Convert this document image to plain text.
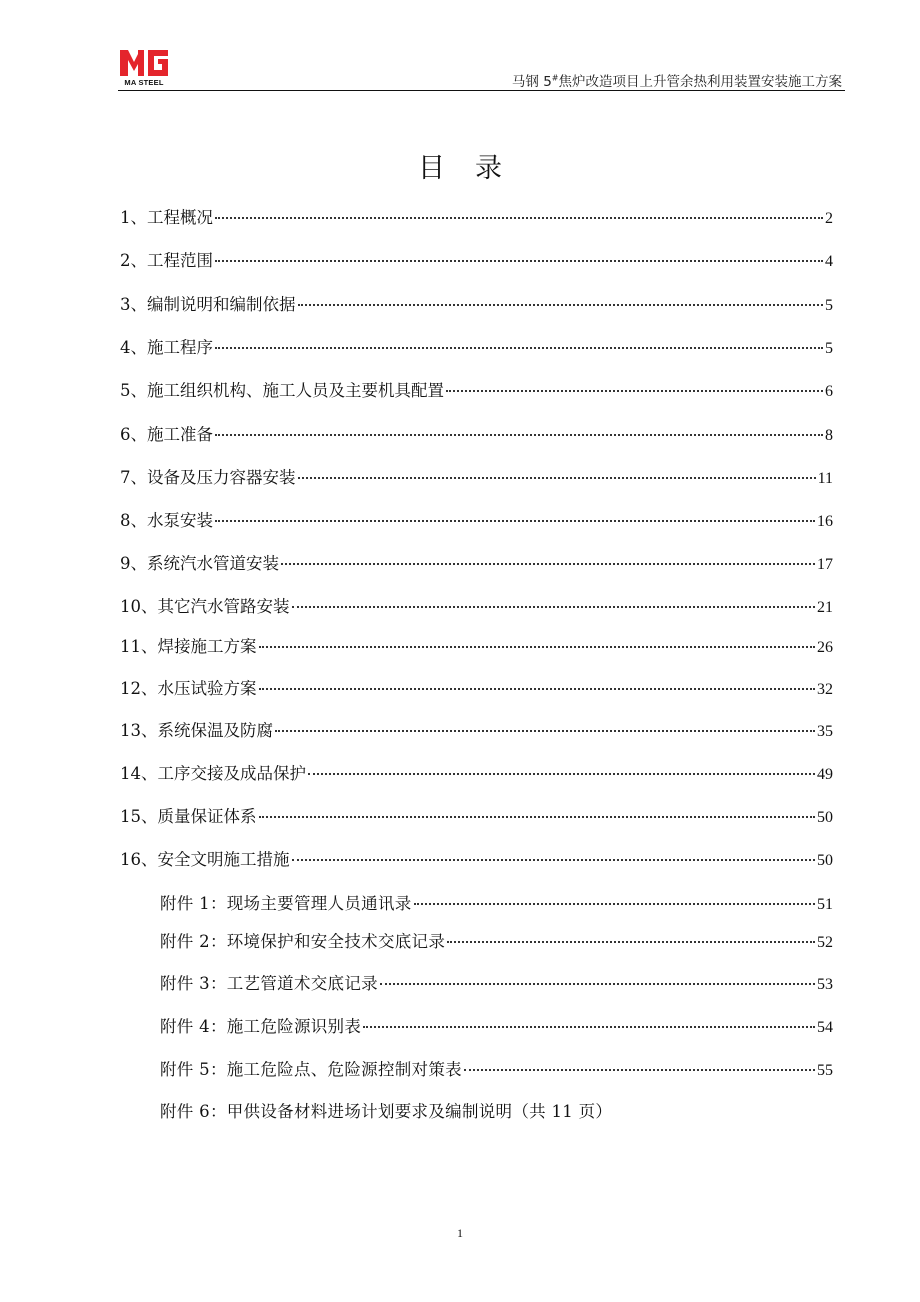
MA STEEL	马钢 5#焦炉改造项目上升管余热利用装置安装施工方案
目录
1、工程概况	2
2、工程范围	4
3、编制说明和编制依据	5
4、施工程序	5
5、施工组织机构、施工人员及主要机具配置	6
6、施工准备	8
7、设备及压力容器安装	11
8、水泵安装	16
9、系统汽水管道安装	17
10、其它汽水管路安装	21
11、焊接施工方案	26
12、水压试验方案	32
13、系统保温及防腐	35
14、工序交接及成品保护	49
15、质量保证体系	50
16、安全文明施工措施	50
附件 1：现场主要管理人员通讯录	51
附件 2：环境保护和安全技术交底记录	52
附件 3：工艺管道术交底记录	53
附件 4：施工危险源识别表	54
附件 5：施工危险点、危险源控制对策表	55
附件 6：甲供设备材料进场计划要求及编制说明（共 11 页）
1
